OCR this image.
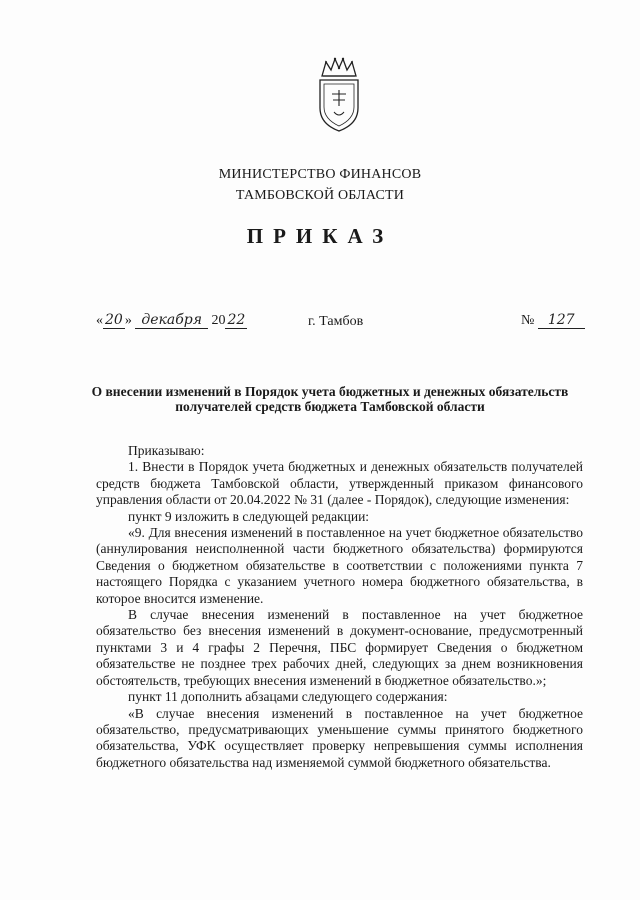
МИНИСТЕРСТВО ФИНАНСОВ
ТАМБОВСКОЙ ОБЛАСТИ
ПРИКАЗ
« 20 » декабря 20 22	г. Тамбов	№ 127
О внесении изменений в Порядок учета бюджетных и денежных обязательств получателей средств бюджета Тамбовской области

Приказываю:

1. Внести в Порядок учета бюджетных и денежных обязательств получателей средств бюджета Тамбовской области, утвержденный приказом финансового управления области от 20.04.2022 № 31 (далее - Порядок), следующие изменения:

пункт 9 изложить в следующей редакции:

«9. Для внесения изменений в поставленное на учет бюджетное обязательство (аннулирования неисполненной части бюджетного обязательства) формируются Сведения о бюджетном обязательстве в соответствии с положениями пункта 7 настоящего Порядка с указанием учетного номера бюджетного обязательства, в которое вносится изменение.

В случае внесения изменений в поставленное на учет бюджетное обязательство без внесения изменений в документ-основание, предусмотренный пунктами 3 и 4 графы 2 Перечня, ПБС формирует Сведения о бюджетном обязательстве не позднее трех рабочих дней, следующих за днем возникновения обстоятельств, требующих внесения изменений в бюджетное обязательство.»;

пункт 11 дополнить абзацами следующего содержания:

«В случае внесения изменений в поставленное на учет бюджетное обязательство, предусматривающих уменьшение суммы принятого бюджетного обязательства, УФК осуществляет проверку непревышения суммы исполнения бюджетного обязательства над изменяемой суммой бюджетного обязательства.
